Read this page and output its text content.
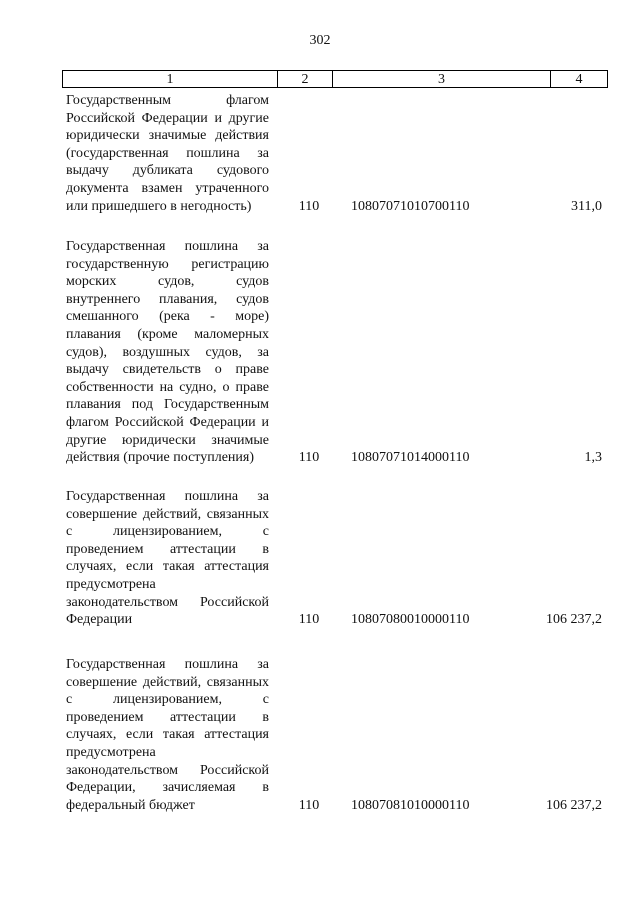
302
1	2	3	4
Государственным флагом Российской Федерации и другие юридически значимые действия (государственная пошлина за выдачу дубликата судового документа взамен утраченного или пришедшего в негодность)	110	10807071010700110	311,0
Государственная пошлина за государственную регистрацию морских судов, судов внутреннего плавания, судов смешанного (река - море) плавания (кроме маломерных судов), воздушных судов, за выдачу свидетельств о праве собственности на судно, о праве плавания под Государственным флагом Российской Федерации и другие юридически значимые действия (прочие поступления)	110	10807071014000110	1,3
Государственная пошлина за совершение действий, связанных с лицензированием, с проведением аттестации в случаях, если такая аттестация предусмотрена законодательством Российской Федерации	110	10807080010000110	106 237,2
Государственная пошлина за совершение действий, связанных с лицензированием, с проведением аттестации в случаях, если такая аттестация предусмотрена законодательством Российской Федерации, зачисляемая в федеральный бюджет	110	10807081010000110	106 237,2
